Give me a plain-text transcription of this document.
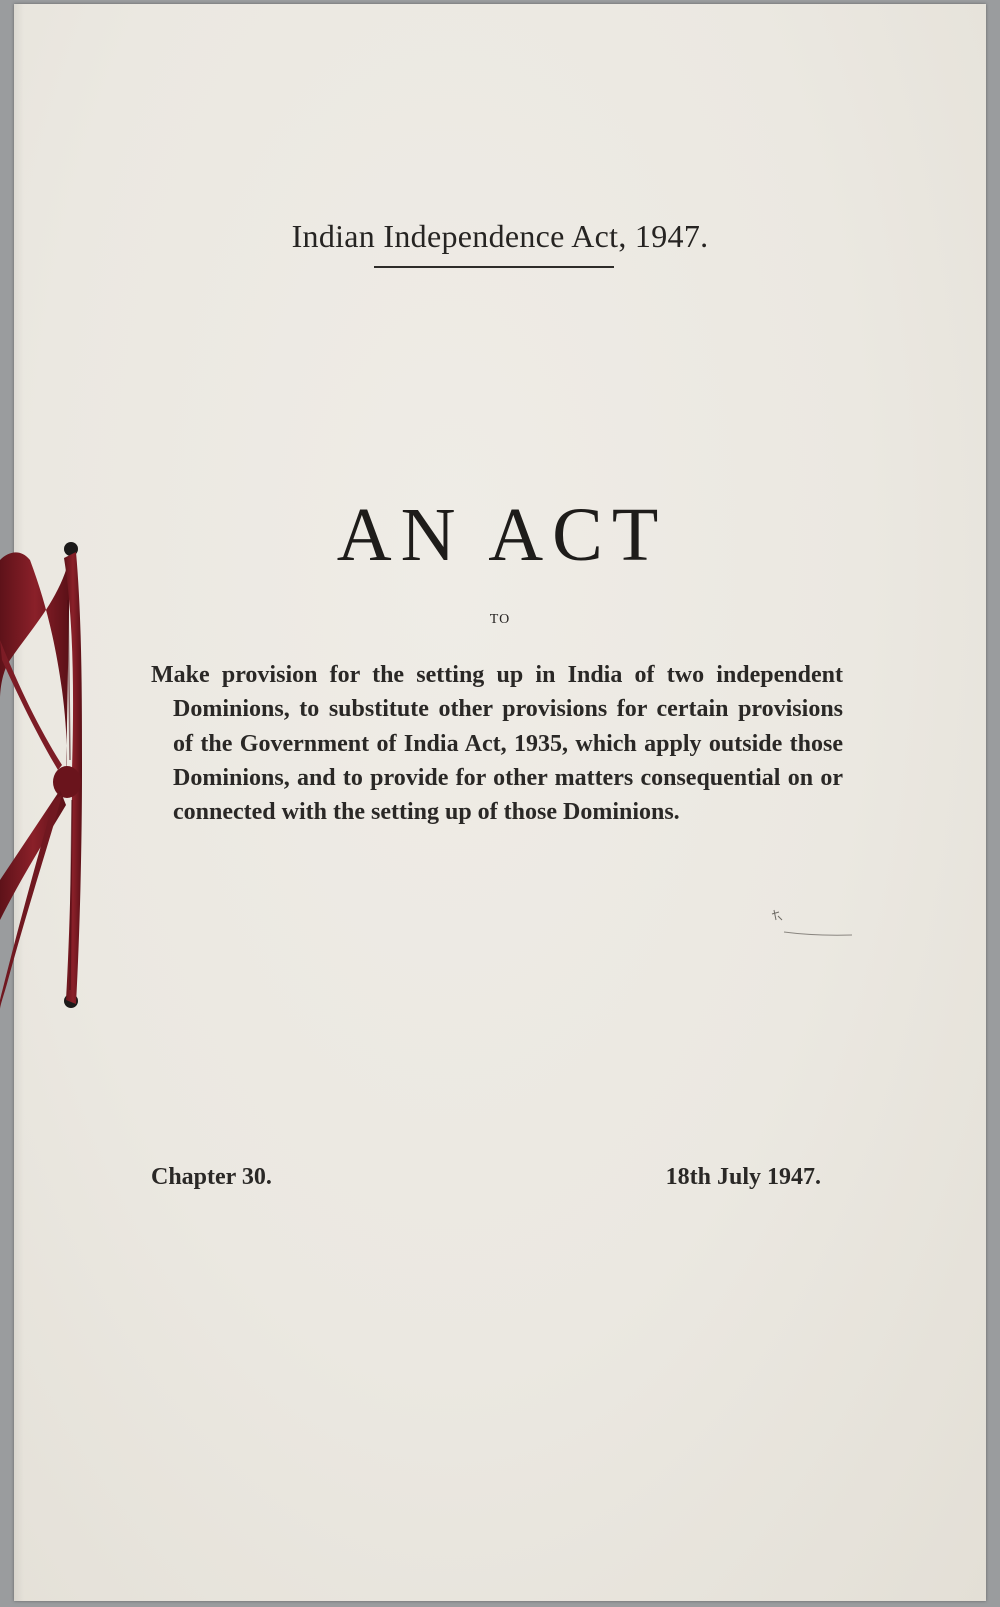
Indian Independence Act, 1947.
AN ACT
TO

Make provision for the setting up in India of two independent Dominions, to substitute other provisions for certain provisions of the Government of India Act, 1935, which apply outside those Dominions, and to provide for other matters consequential on or connected with the setting up of those Dominions.

Chapter 30.	18th July 1947.
